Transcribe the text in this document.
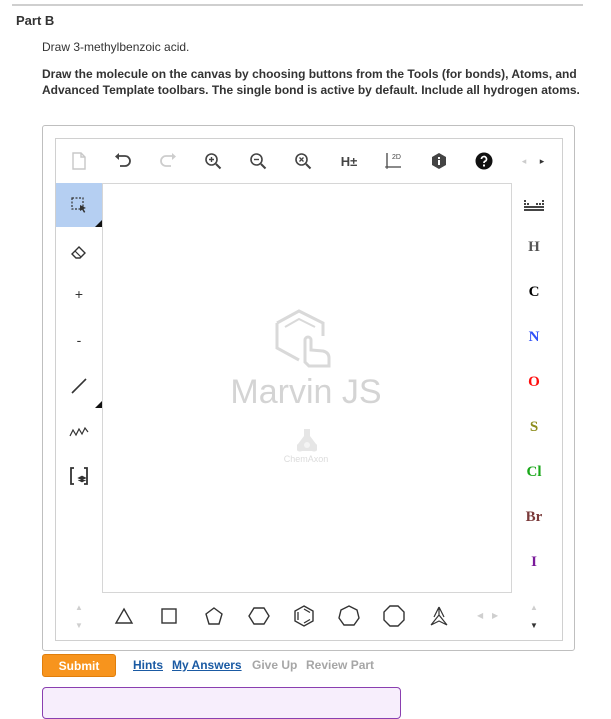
Part B
Draw 3-methylbenzoic acid.
Draw the molecule on the canvas by choosing buttons from the Tools (for bonds), Atoms, and Advanced Template toolbars. The single bond is active by default. Include all hydrogen atoms.
H±	2D	◂	▸
+
-
▲
▼
Marvin JS
ChemAxon
H
C
N
O
S
Cl
Br
I
▲
▼
◀ ▶
Submit	Hints My Answers Give Up Review Part
